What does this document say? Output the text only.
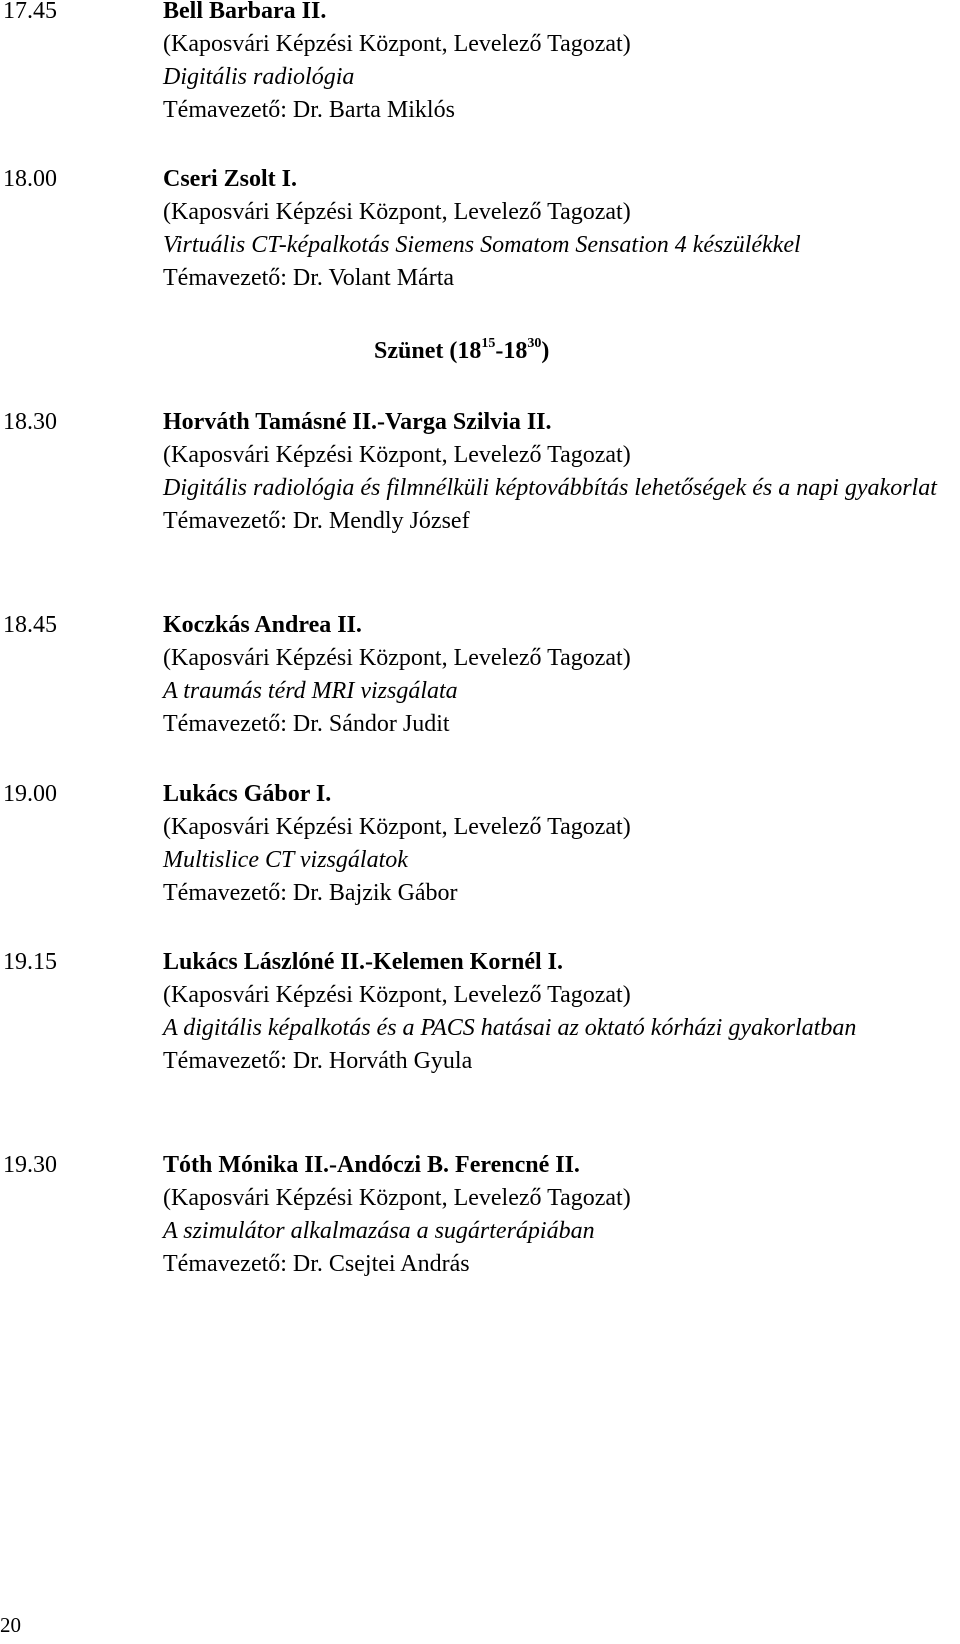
17.45	Bell Barbara II.
(Kaposvári Képzési Központ, Levelező Tagozat)
Digitális radiológia
Témavezető: Dr. Barta Miklós
18.00	Cseri Zsolt I.
(Kaposvári Képzési Központ, Levelező Tagozat)
Virtuális CT-képalkotás Siemens Somatom Sensation 4 készülékkel
Témavezető: Dr. Volant Márta
Szünet $(18^{15}-18^{30})$
18.30	Horváth Tamásné II.-Varga Szilvia II.
(Kaposvári Képzési Központ, Levelező Tagozat)
Digitális radiológia és filmnélküli képtovábbítás lehetőségek és a napi gyakorlat
Témavezető: Dr. Mendly József
18.45	Koczkás Andrea II.
(Kaposvári Képzési Központ, Levelező Tagozat)
A traumás térd MRI vizsgálata
Témavezető: Dr. Sándor Judit
19.00	Lukács Gábor I.
(Kaposvári Képzési Központ, Levelező Tagozat)
Multislice CT vizsgálatok
Témavezető: Dr. Bajzik Gábor
19.15	Lukács Lászlóné II.-Kelemen Kornél I.
(Kaposvári Képzési Központ, Levelező Tagozat)
A digitális képalkotás és a PACS hatásai az oktató kórházi gyakorlatban
Témavezető: Dr. Horváth Gyula
19.30	Tóth Mónika II.-Andóczi B. Ferencné II.
(Kaposvári Képzési Központ, Levelező Tagozat)
A szimulátor alkalmazása a sugárterápiában
Témavezető: Dr. Csejtei András
20
